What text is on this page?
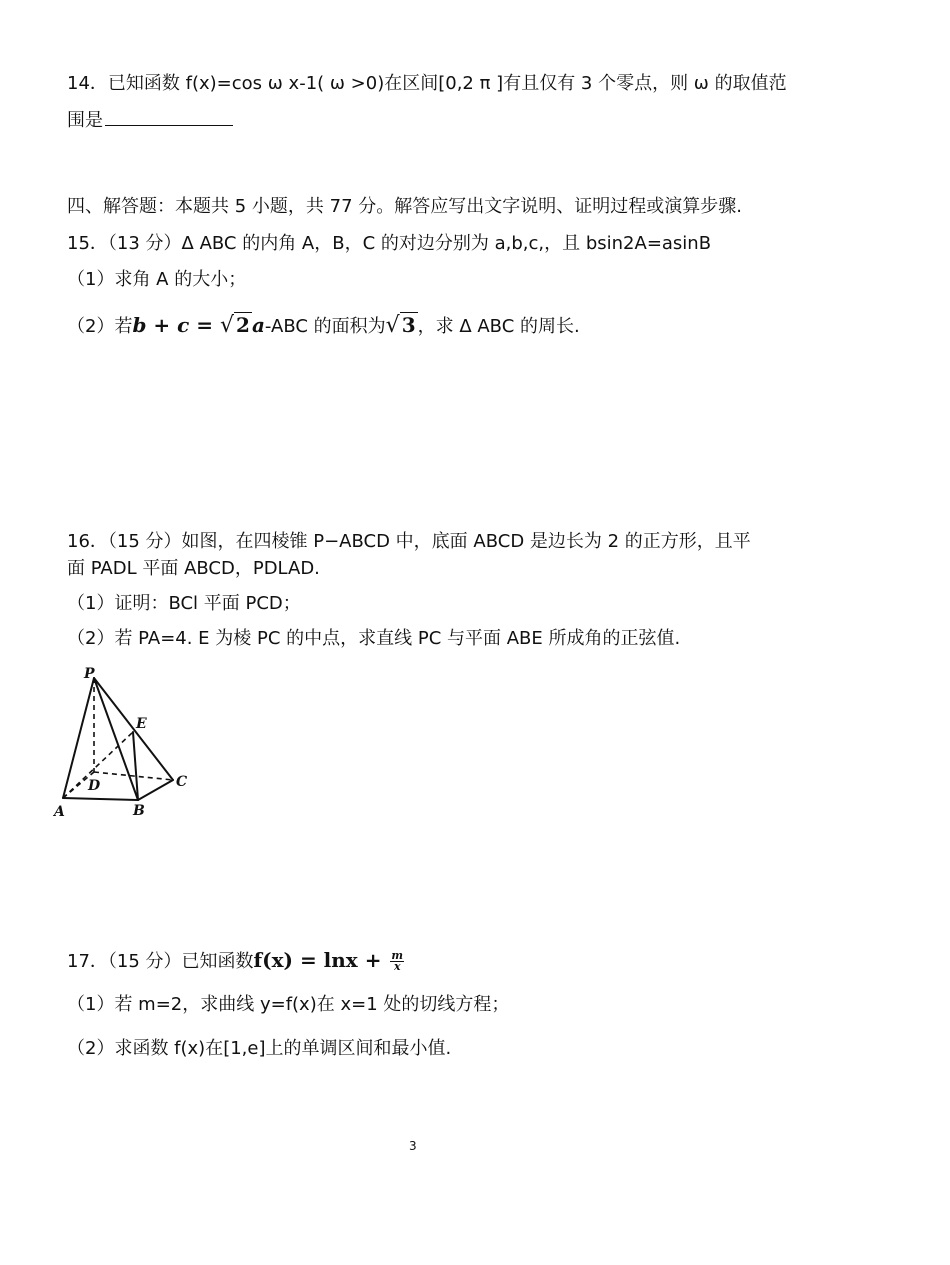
14．已知函数 f(x)=cos ω x-1( ω >0)在区间[0,2 π ]有且仅有 3 个零点，则 ω 的取值范
围是
四、解答题：本题共 5 小题，共 77 分。解答应写出文字说明、证明过程或演算步骤.
15．（13 分）Δ ABC 的内角 A，B，C 的对边分别为 a,b,c,，且 bsin2A=asinB
（1）求角 A 的大小；
（2）若b + c = √ 2 a-ABC 的面积为√ 3 ，求 Δ ABC 的周长.
16．（15 分）如图，在四棱锥 P−ABCD 中，底面 ABCD 是边长为 2 的正方形，且平
面 PADL 平面 ABCD，PDLAD.
（1）证明：BCl 平面 PCD；
（2）若 PA=4. E 为棱 PC 的中点，求直线 PC 与平面 ABE 所成角的正弦值.
P
E
D	C
A	B
17．（15 分）已知函数$f(x) = \ln x + \frac{m}{x}$
（1）若 m=2，求曲线 y=f(x)在 x=1 处的切线方程；
（2）求函数 f(x)在[1,e]上的单调区间和最小值.
3
